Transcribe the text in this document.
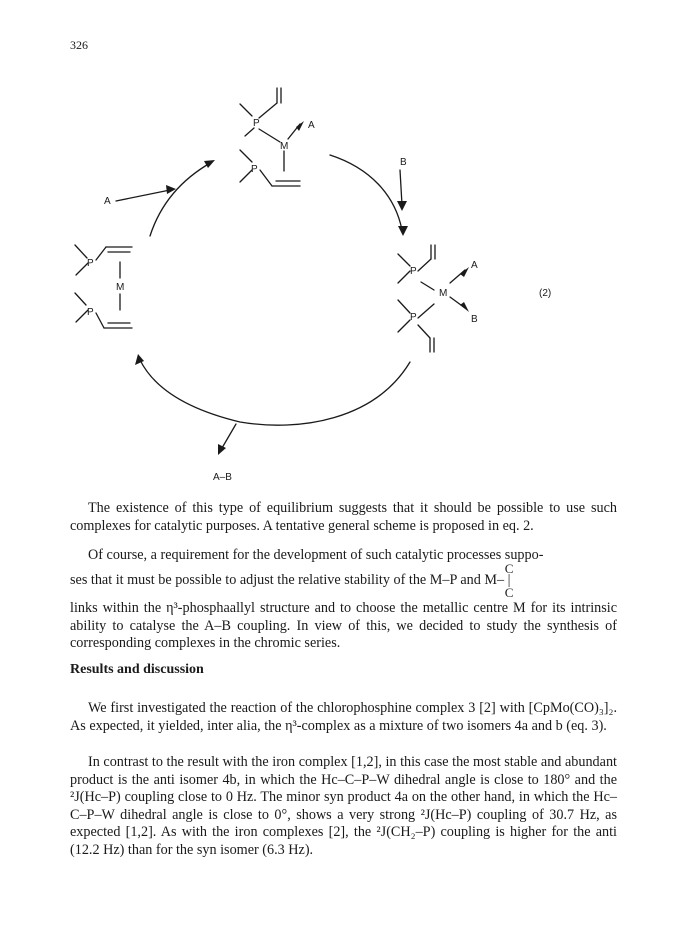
326
P
M
A
P
A
B
P
M
P
P
M
A
B
P
A–B
(2)

The existence of this type of equilibrium suggests that it should be possible to use such complexes for catalytic purposes. A tentative general scheme is proposed in eq. 2.

Of course, a requirement for the development of such catalytic processes suppo-

ses that it must be possible to adjust the relative stability of the M–P and M–
C
|
C

links within the η³-phosphaallyl structure and to choose the metallic centre M for its intrinsic ability to catalyse the A–B coupling. In view of this, we decided to study the synthesis of corresponding complexes in the chromic series.

Results and discussion

We first investigated the reaction of the chlorophosphine complex 3 [2] with [CpMo(CO)₃]₂. As expected, it yielded, inter alia, the η³-complex as a mixture of two isomers 4a and b (eq. 3).

In contrast to the result with the iron complex [1,2], in this case the most stable and abundant product is the anti isomer 4b, in which the Hc–C–P–W dihedral angle is close to 180° and the ²J(Hc–P) coupling close to 0 Hz. The minor syn product 4a on the other hand, in which the Hc–C–P–W dihedral angle is close to 0°, shows a very strong ²J(Hc–P) coupling of 30.7 Hz, as expected [1,2]. As with the iron complexes [2], the ²J(CH₂–P) coupling is higher for the anti (12.2 Hz) than for the syn isomer (6.3 Hz).
